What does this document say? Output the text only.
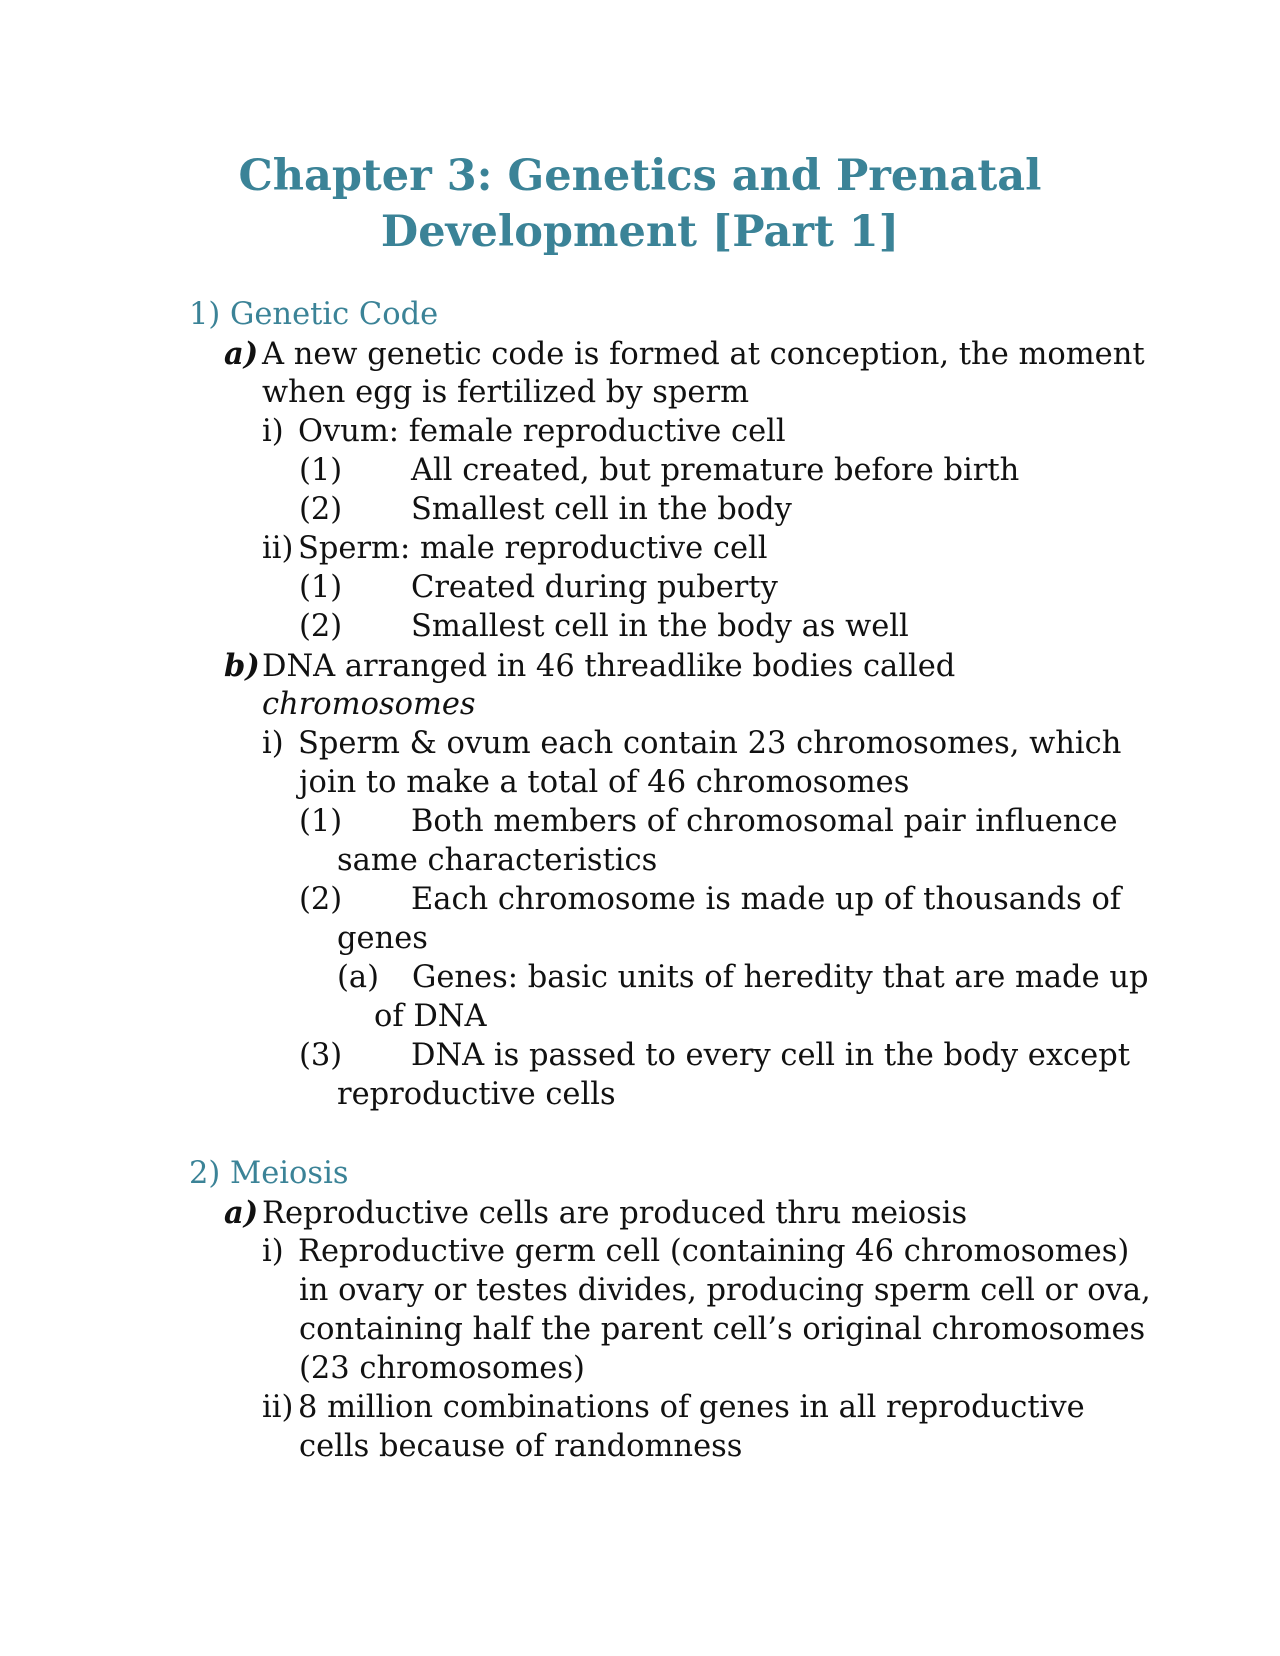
Chapter 3: Genetics and Prenatal
Development [Part 1]
1) Genetic Code
a) A new genetic code is formed at conception, the moment
when egg is fertilized by sperm
i) Ovum: female reproductive cell
(1) All created, but premature before birth
(2) Smallest cell in the body
ii) Sperm: male reproductive cell
(1) Created during puberty
(2) Smallest cell in the body as well
b)DNA arranged in 46 threadlike bodies called
chromosomes
i) Sperm & ovum each contain 23 chromosomes, which
join to make a total of 46 chromosomes
(1) Both members of chromosomal pair influence
same characteristics
(2) Each chromosome is made up of thousands of
genes
(a) Genes: basic units of heredity that are made up
of DNA
(3) DNA is passed to every cell in the body except
reproductive cells
2) Meiosis
a) Reproductive cells are produced thru meiosis
i) Reproductive germ cell (containing 46 chromosomes)
in ovary or testes divides, producing sperm cell or ova,
containing half the parent cell’s original chromosomes
(23 chromosomes)
ii) 8 million combinations of genes in all reproductive
cells because of randomness
